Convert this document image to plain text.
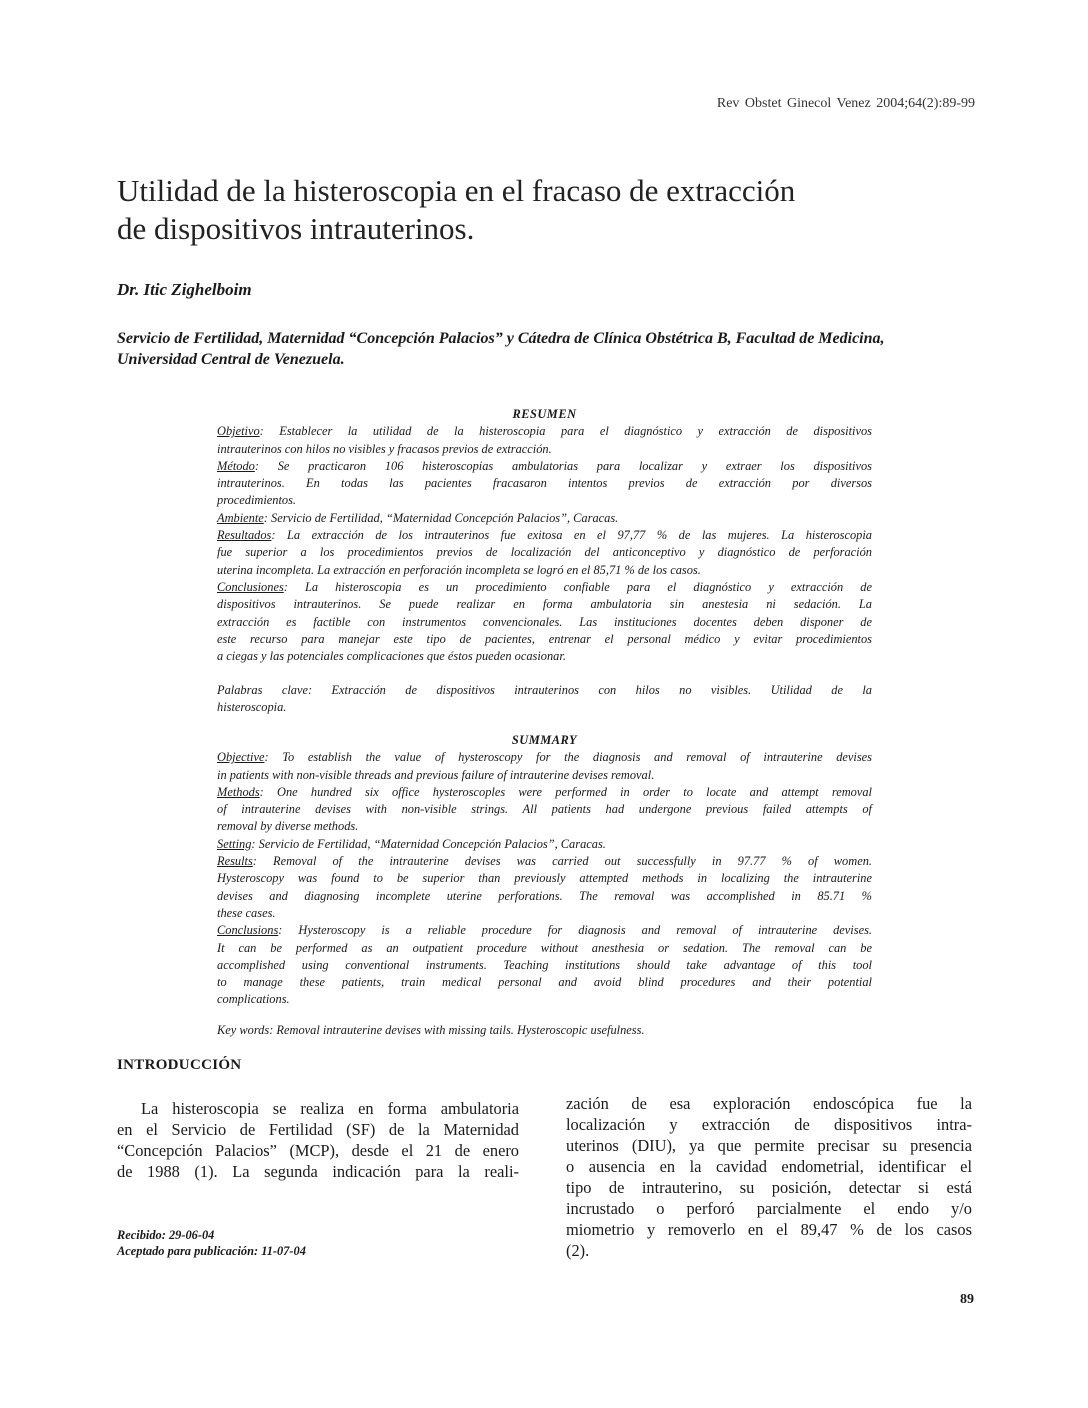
Rev Obstet Ginecol Venez 2004;64(2):89-99
Utilidad de la histeroscopia en el fracaso de extracción
de dispositivos intrauterinos.
Dr. Itic Zighelboim
Servicio de Fertilidad, Maternidad “Concepción Palacios” y Cátedra de Clínica Obstétrica B, Facultad de Medicina,
Universidad Central de Venezuela.
RESUMEN
Objetivo: Establecer la utilidad de la histeroscopia para el diagnóstico y extracción de dispositivos
intrauterinos con hilos no visibles y fracasos previos de extracción.
Método: Se practicaron 106 histeroscopias ambulatorias para localizar y extraer los dispositivos
intrauterinos. En todas las pacientes fracasaron intentos previos de extracción por diversos
procedimientos.
Ambiente: Servicio de Fertilidad, “Maternidad Concepción Palacios”, Caracas.
Resultados: La extracción de los intrauterinos fue exitosa en el 97,77 % de las mujeres. La histeroscopia
fue superior a los procedimientos previos de localización del anticonceptivo y diagnóstico de perforación
uterina incompleta. La extracción en perforación incompleta se logró en el 85,71 % de los casos.
Conclusiones: La histeroscopia es un procedimiento confiable para el diagnóstico y extracción de
dispositivos intrauterinos. Se puede realizar en forma ambulatoria sin anestesia ni sedación. La
extracción es factible con instrumentos convencionales. Las instituciones docentes deben disponer de
este recurso para manejar este tipo de pacientes, entrenar el personal médico y evitar procedimientos
a ciegas y las potenciales complicaciones que éstos pueden ocasionar.
Palabras clave: Extracción de dispositivos intrauterinos con hilos no visibles. Utilidad de la
histeroscopia.
SUMMARY
Objective: To establish the value of hysteroscopy for the diagnosis and removal of intrauterine devises
in patients with non-visible threads and previous failure of intrauterine devises removal.
Methods: One hundred six office hysteroscoples were performed in order to locate and attempt removal
of intrauterine devises with non-visible strings. All patients had undergone previous failed attempts of
removal by diverse methods.
Setting: Servicio de Fertilidad, “Maternidad Concepción Palacios”, Caracas.
Results: Removal of the intrauterine devises was carried out successfully in 97.77 % of women.
Hysteroscopy was found to be superior than previously attempted methods in localizing the intrauterine
devises and diagnosing incomplete uterine perforations. The removal was accomplished in 85.71 %
these cases.
Conclusions: Hysteroscopy is a reliable procedure for diagnosis and removal of intrauterine devises.
It can be performed as an outpatient procedure without anesthesia or sedation. The removal can be
accomplished using conventional instruments. Teaching institutions should take advantage of this tool
to manage these patients, train medical personal and avoid blind procedures and their potential
complications.
Key words: Removal intrauterine devises with missing tails. Hysteroscopic usefulness.
INTRODUCCIÓN
La histeroscopia se realiza en forma ambulatoria
en el Servicio de Fertilidad (SF) de la Maternidad
“Concepción Palacios” (MCP), desde el 21 de enero
de 1988 (1). La segunda indicación para la reali-
zación de esa exploración endoscópica fue la
localización y extracción de dispositivos intra-
uterinos (DIU), ya que permite precisar su presencia
o ausencia en la cavidad endometrial, identificar el
tipo de intrauterino, su posición, detectar si está
incrustado o perforó parcialmente el endo y/o
miometrio y removerlo en el 89,47 % de los casos
(2).
Recibido: 29-06-04
Aceptado para publicación: 11-07-04
89
